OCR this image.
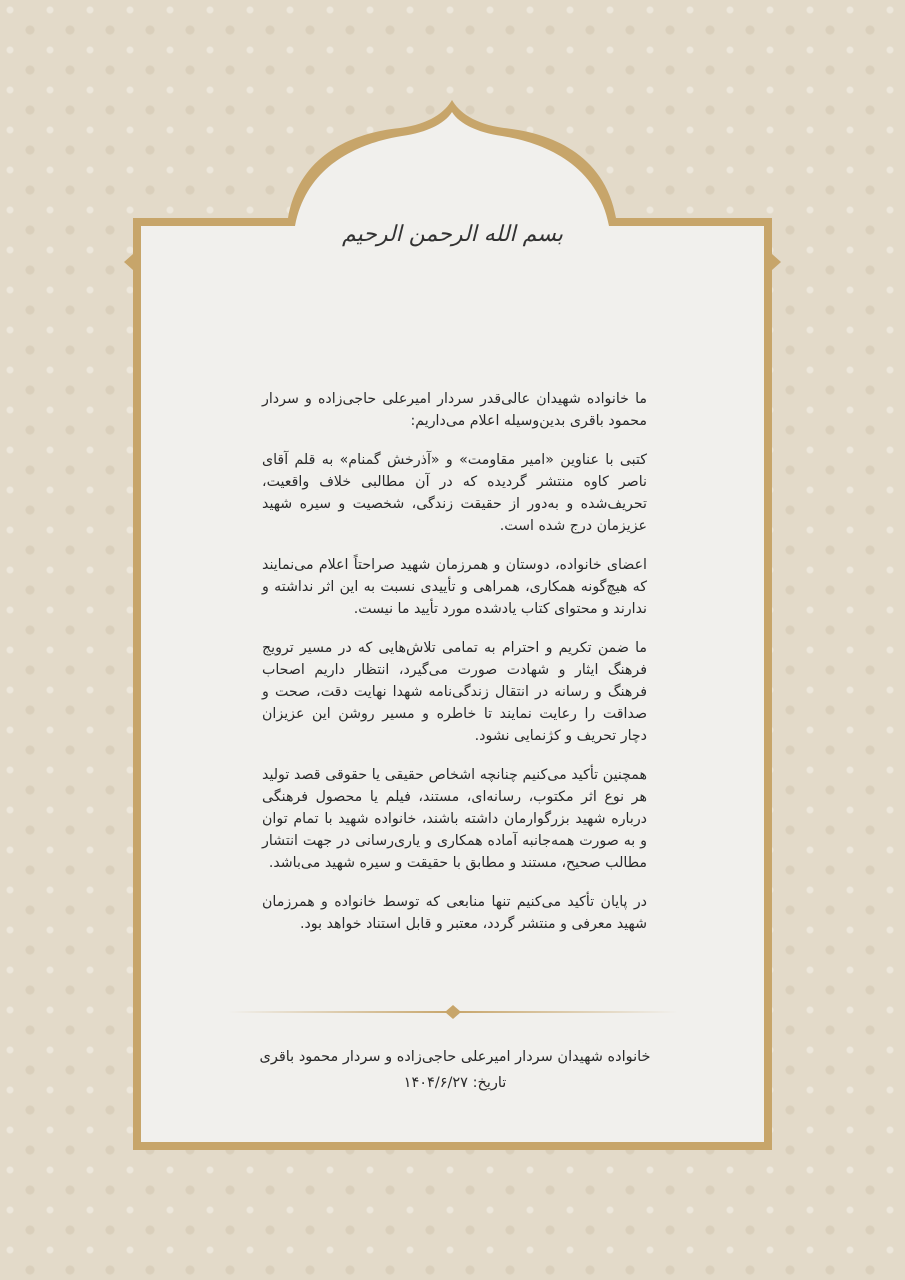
بسم الله الرحمن الرحیم

ما خانواده شهیدان عالی‌قدر سردار امیرعلی حاجی‌زاده و سردار محمود باقری بدین‌وسیله اعلام می‌داریم:

کتبی با عناوین «امیر مقاومت» و «آذرخش گمنام» به قلم آقای ناصر کاوه منتشر گردیده که در آن مطالبی خلاف واقعیت، تحریف‌شده و به‌دور از حقیقت زندگی، شخصیت و سیره شهید عزیزمان درج شده است.

اعضای خانواده، دوستان و همرزمان شهید صراحتاً اعلام می‌نمایند که هیچ‌گونه همکاری، همراهی و تأییدی نسبت به این اثر نداشته و ندارند و محتوای کتاب یادشده مورد تأیید ما نیست.

ما ضمن تکریم و احترام به تمامی تلاش‌هایی که در مسیر ترویج فرهنگ ایثار و شهادت صورت می‌گیرد، انتظار داریم اصحاب فرهنگ و رسانه در انتقال زندگی‌نامه شهدا نهایت دقت، صحت و صداقت را رعایت نمایند تا خاطره و مسیر روشن این عزیزان دچار تحریف و کژنمایی نشود.

همچنین تأکید می‌کنیم چنانچه اشخاص حقیقی یا حقوقی قصد تولید هر نوع اثر مکتوب، رسانه‌ای، مستند، فیلم یا محصول فرهنگی درباره شهید بزرگوارمان داشته باشند، خانواده شهید با تمام توان و به صورت همه‌جانبه آماده همکاری و یاری‌رسانی در جهت انتشار مطالب صحیح، مستند و مطابق با حقیقت و سیره شهید می‌باشد.

در پایان تأکید می‌کنیم تنها منابعی که توسط خانواده و همرزمان شهید معرفی و منتشر گردد، معتبر و قابل استناد خواهد بود.

خانواده شهیدان سردار امیرعلی حاجی‌زاده و سردار محمود باقری
تاریخ: ۱۴۰۴/۶/۲۷
